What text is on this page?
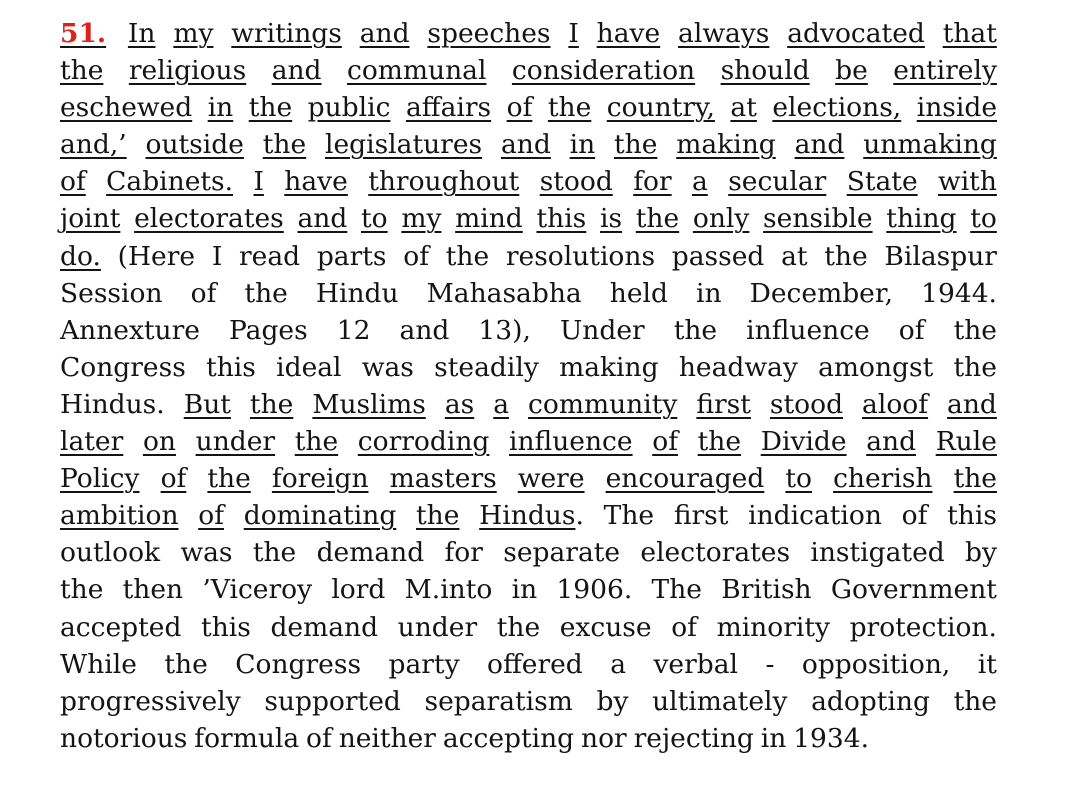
51. In my writings and speeches I have always advocated that
the religious and communal consideration should be entirely
eschewed in the public affairs of the country, at elections, inside
and,’ outside the legislatures and in the making and unmaking
of Cabinets. I have throughout stood for a secular State with
joint electorates and to my mind this is the only sensible thing to
do. (Here I read parts of the resolutions passed at the Bilaspur
Session of the Hindu Mahasabha held in December, 1944.
Annexture Pages 12 and 13), Under the influence of the
Congress this ideal was steadily making headway amongst the
Hindus. But the Muslims as a community first stood aloof and
later on under the corroding influence of the Divide and Rule
Policy of the foreign masters were encouraged to cherish the
ambition of dominating the Hindus. The first indication of this
outlook was the demand for separate electorates instigated by
the then ’Viceroy lord M.into in 1906. The British Government
accepted this demand under the excuse of minority protection.
While the Congress party offered a verbal - opposition, it
progressively supported separatism by ultimately adopting the
notorious formula of neither accepting nor rejecting in 1934.
